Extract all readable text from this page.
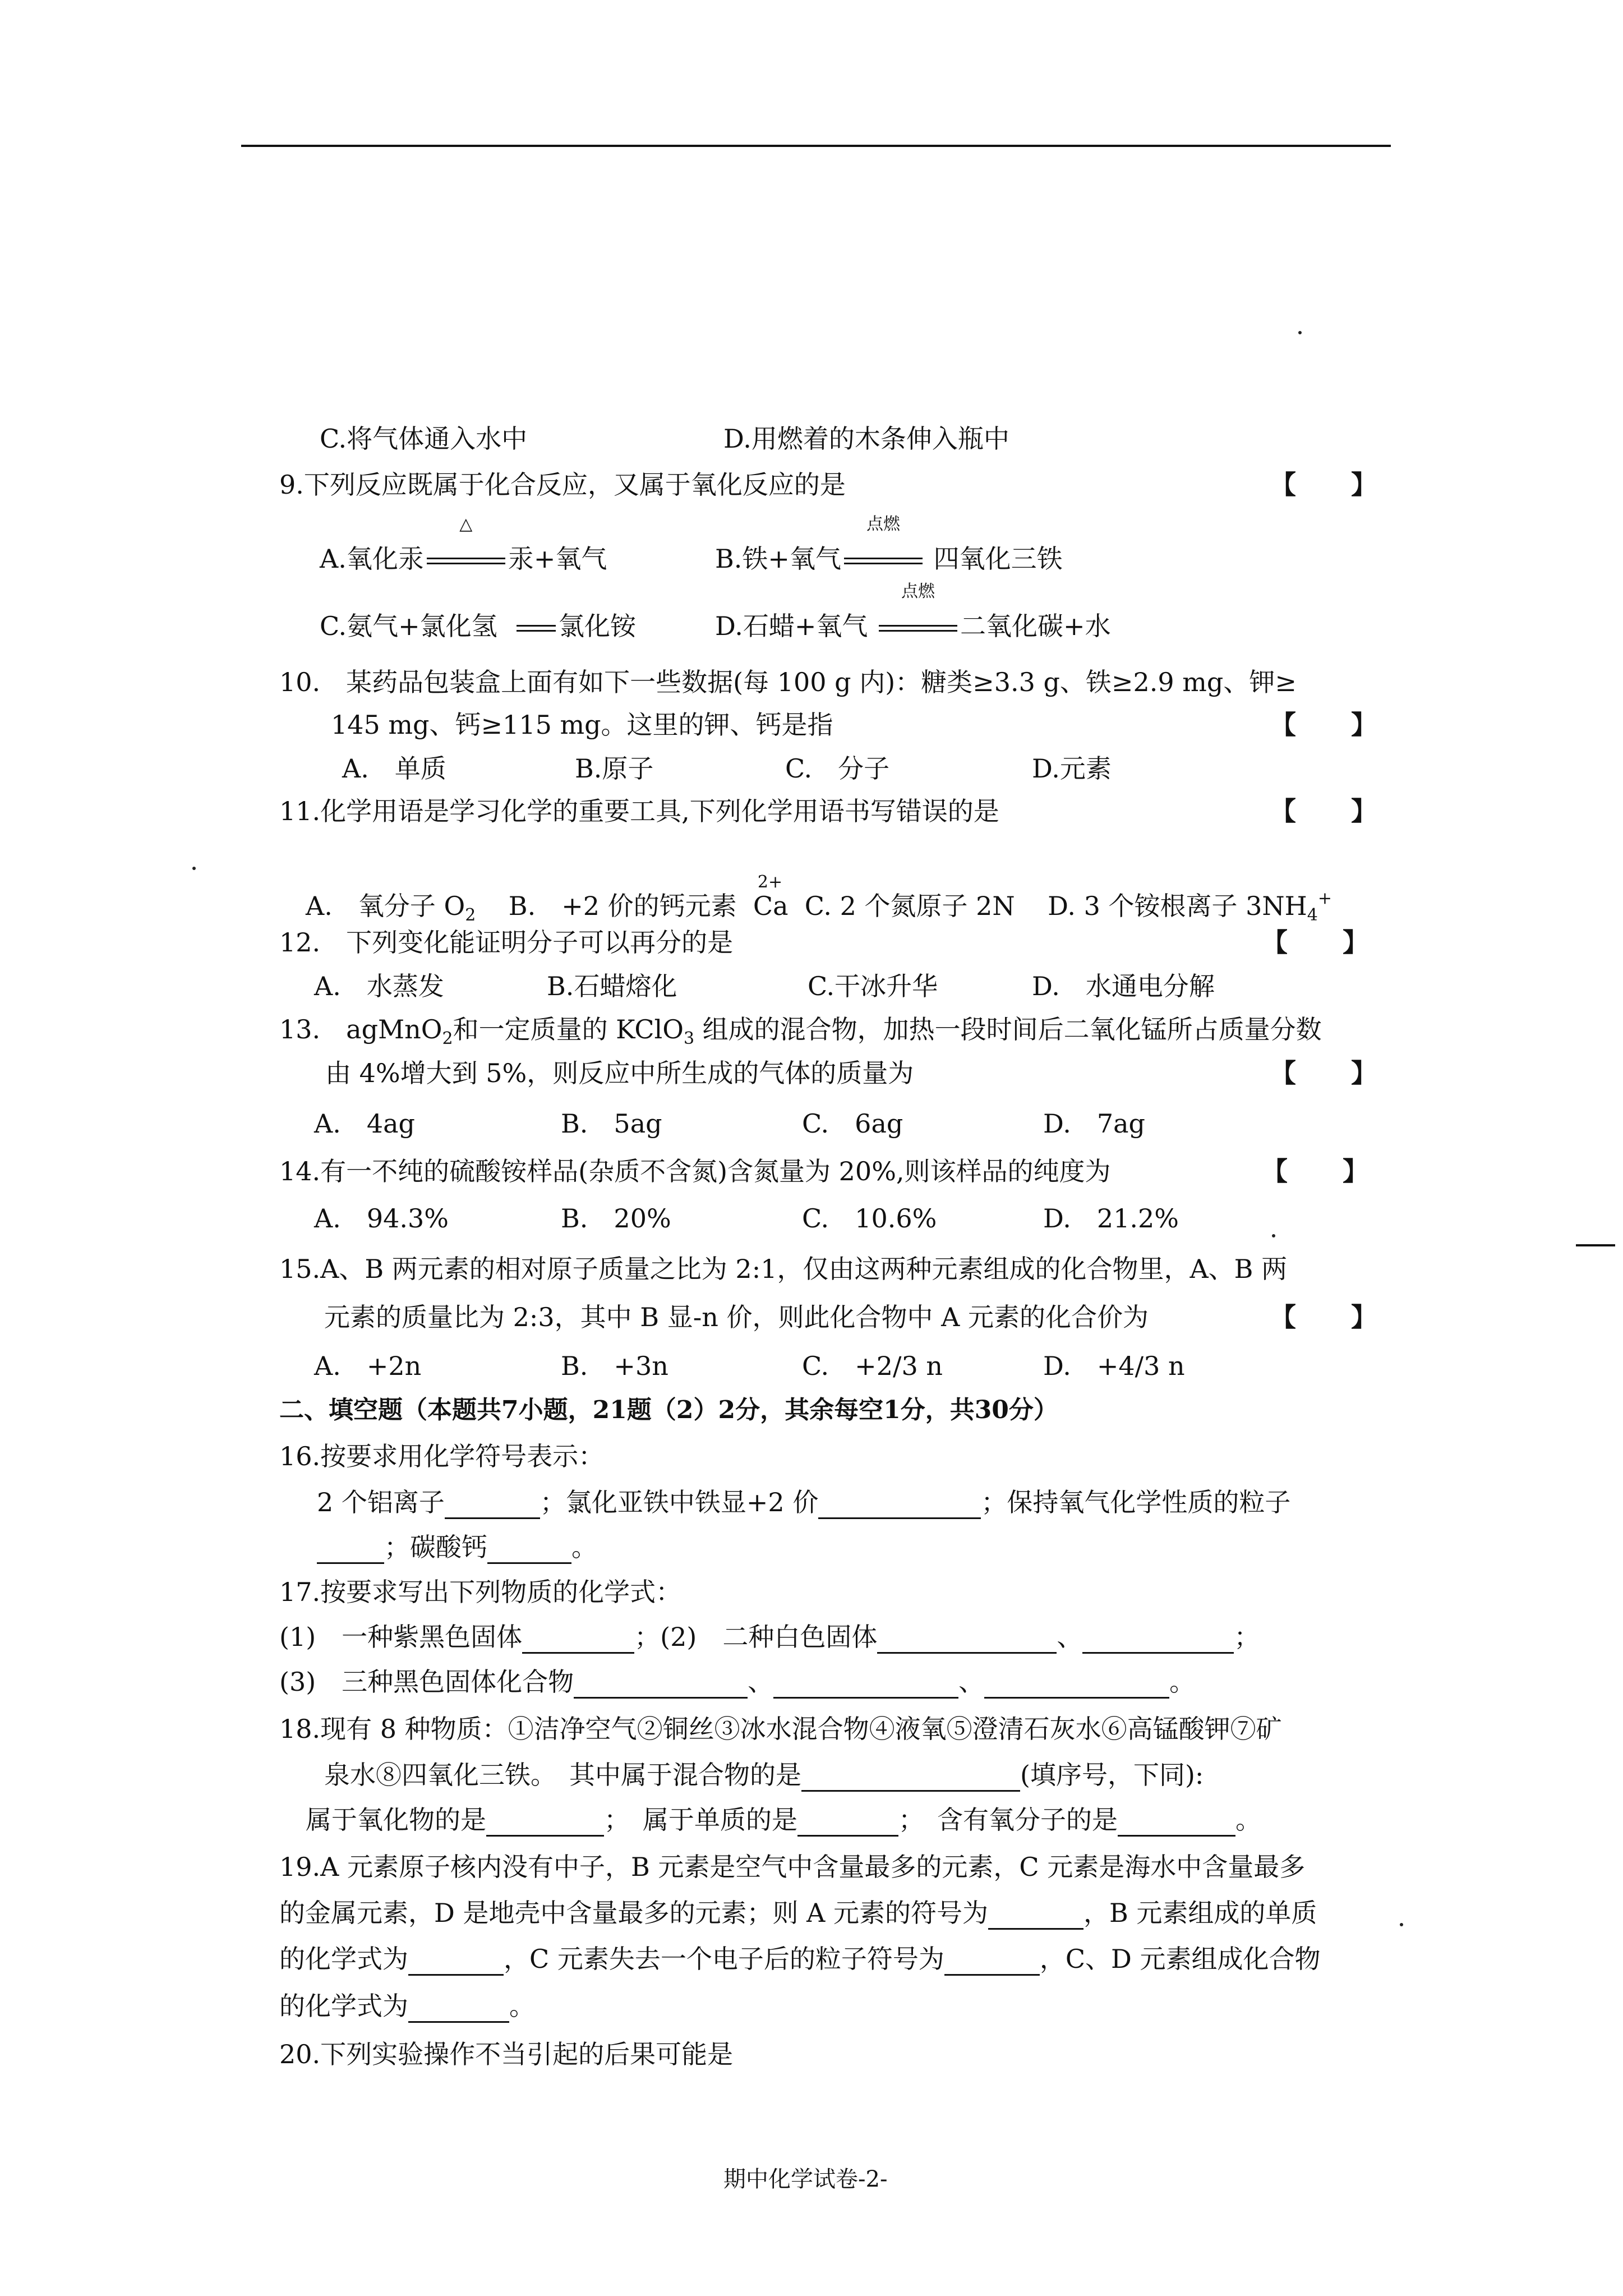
C.将气体通入水中	D.用燃着的木条伸入瓶中
9.下列反应既属于化合反应，又属于氧化反应的是	【　　】
A.氧化汞
△
汞+氧气	B.铁+氧气
点燃
四氧化三铁
C.氨气+氯化氢 氯化铵	D.石蜡+氧气
点燃
二氧化碳+水
10.　某药品包装盒上面有如下一些数据(每 100 g 内)：糖类≥3.3 g、铁≥2.9 mg、钾≥
145 mg、钙≥115 mg。这里的钾、钙是指	【　　】
A.　单质	B.原子	C.　分子	D.元素
11.化学用语是学习化学的重要工具,下列化学用语书写错误的是	【　　】
A.　氧分子 $O_2$ B.　+2 价的钙元素
2+
Ca C. 2 个氮原子 2N D. 3 个铵根离子 $3NH_4^+$
12.　下列变化能证明分子可以再分的是	【　　】
A.　水蒸发	B.石蜡熔化	C.干冰升华	D.　水通电分解
13.　agMnO$_2$和一定质量的 KClO$_3$ 组成的混合物，加热一段时间后二氧化锰所占质量分数
由 4%增大到 5%，则反应中所生成的气体的质量为	【　　】
A.　4ag	B.　5ag	C.　6ag	D.　7ag
14.有一不纯的硫酸铵样品(杂质不含氮)含氮量为 20%,则该样品的纯度为	【　　】
A.　94.3%	B.　20%	C.　10.6%	D.　21.2%
15.A、B 两元素的相对原子质量之比为 2:1，仅由这两种元素组成的化合物里，A、B 两
元素的质量比为 2:3，其中 B 显-n 价，则此化合物中 A 元素的化合价为	【　　】
A.　+2n	B.　+3n	C.　+2/3 n	D.　+4/3 n
二、填空题（本题共7小题，21题（2）2分，其余每空1分，共30分）
16.按要求用化学符号表示：
2 个铝离子	；氯化亚铁中铁显+2 价	；保持氧气化学性质的粒子
；碳酸钙	。
17.按要求写出下列物质的化学式：
(1)　一种紫黑色固体	；(2)　二种白色固体	、	；
(3)　三种黑色固体化合物	、	、	。
18.现有 8 种物质：①洁净空气②铜丝③冰水混合物④液氧⑤澄清石灰水⑥高锰酸钾⑦矿
泉水⑧四氧化三铁。　其中属于混合物的是	(填序号，下同):
属于氧化物的是	；　属于单质的是	；　含有氧分子的是	。
19.A 元素原子核内没有中子，B 元素是空气中含量最多的元素，C 元素是海水中含量最多
的金属元素，D 是地壳中含量最多的元素；则 A 元素的符号为	，B 元素组成的单质
的化学式为	，C 元素失去一个电子后的粒子符号为	，C、D 元素组成化合物
的化学式为	。
20.下列实验操作不当引起的后果可能是
期中化学试卷-2-
